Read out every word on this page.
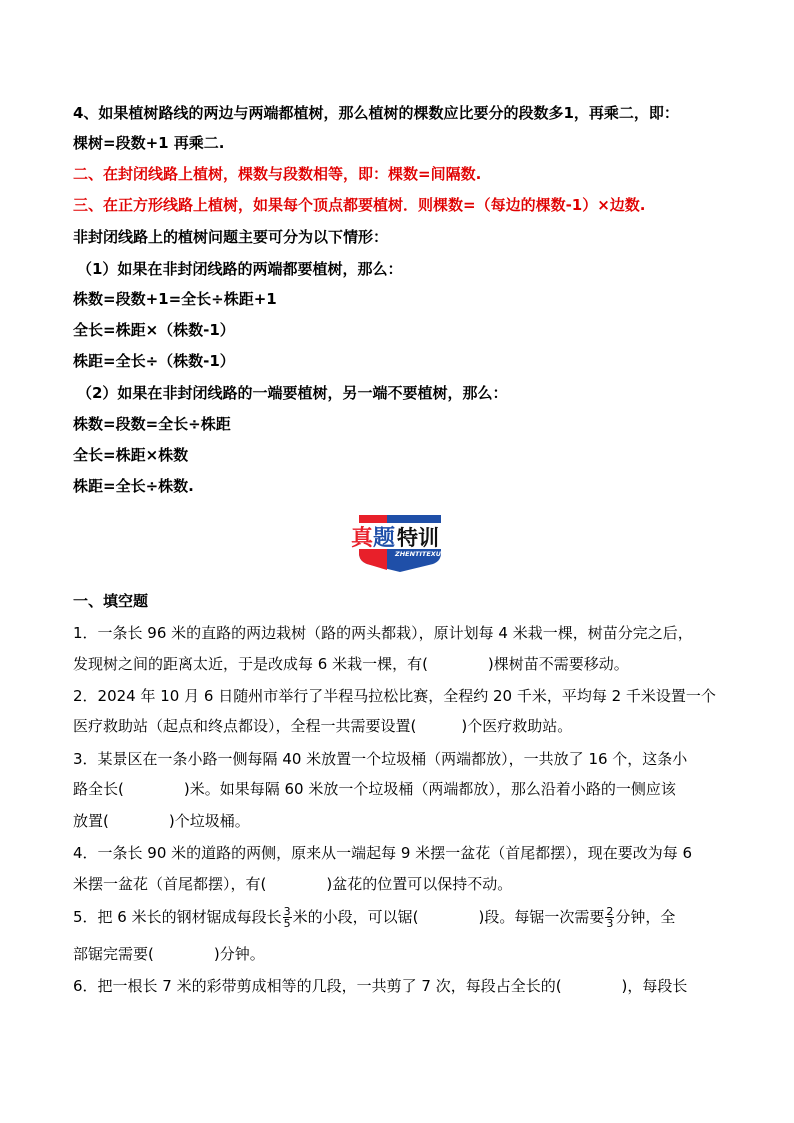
4、如果植树路线的两边与两端都植树，那么植树的棵数应比要分的段数多1，再乘二，即：
棵树=段数+1 再乘二.
二、在封闭线路上植树，棵数与段数相等，即：棵数=间隔数.
三、在正方形线路上植树，如果每个顶点都要植树．则棵数=（每边的棵数-1）×边数.
非封闭线路上的植树问题主要可分为以下情形：
（1）如果在非封闭线路的两端都要植树，那么：
株数=段数+1=全长÷株距+1
全长=株距×（株数-1）
株距=全长÷（株数-1）
（2）如果在非封闭线路的一端要植树，另一端不要植树，那么：
株数=段数=全长÷株距
全长=株距×株数
株距=全长÷株数.
真 题 特训
ZHENTITEXUN
一、填空题
1．一条长 96 米的直路的两边栽树（路的两头都栽），原计划每 4 米栽一棵，树苗分完之后，
发现树之间的距离太近，于是改成每 6 米栽一棵，有(　　　　)棵树苗不需要移动。
2．2024 年 10 月 6 日随州市举行了半程马拉松比赛，全程约 20 千米，平均每 2 千米设置一个
医疗救助站（起点和终点都设），全程一共需要设置(　　　)个医疗救助站。
3．某景区在一条小路一侧每隔 40 米放置一个垃圾桶（两端都放），一共放了 16 个，这条小
路全长(　　　　)米。如果每隔 60 米放一个垃圾桶（两端都放），那么沿着小路的一侧应该
放置(　　　　)个垃圾桶。
4．一条长 90 米的道路的两侧，原来从一端起每 9 米摆一盆花（首尾都摆），现在要改为每 6
米摆一盆花（首尾都摆），有(　　　　)盆花的位置可以保持不动。
5．把 6 米长的钢材锯成每段长 $\frac{3}{5}$ 米的小段，可以锯(　　　　)段。每锯一次需要 $\frac{2}{3}$ 分钟，全
部锯完需要(　　　　)分钟。
6．把一根长 7 米的彩带剪成相等的几段，一共剪了 7 次，每段占全长的(　　　　)，每段长
